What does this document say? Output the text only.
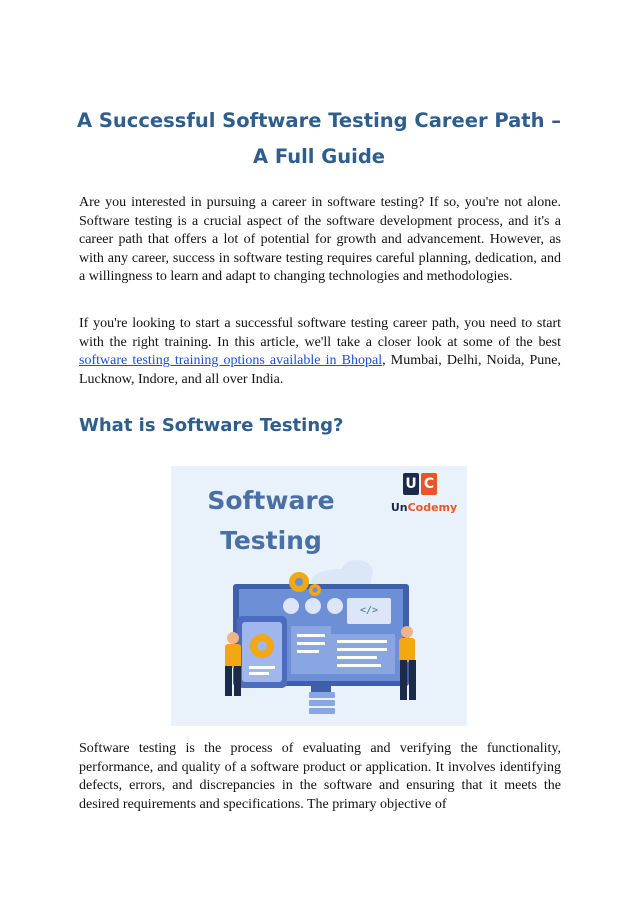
A Successful Software Testing Career Path –
A Full Guide

Are you interested in pursuing a career in software testing? If so, you're not alone. Software testing is a crucial aspect of the software development process, and it's a career path that offers a lot of potential for growth and advancement. However, as with any career, success in software testing requires careful planning, dedication, and a willingness to learn and adapt to changing technologies and methodologies.

If you're looking to start a successful software testing career path, you need to start with the right training. In this article, we'll take a closer look at some of the best software testing training options available in Bhopal, Mumbai, Delhi, Noida, Pune, Lucknow, Indore, and all over India.

What is Software Testing?

Software

Testing

U C
UnCodemy
</>

Software testing is the process of evaluating and verifying the functionality, performance, and quality of a software product or application. It involves identifying defects, errors, and discrepancies in the software and ensuring that it meets the desired requirements and specifications. The primary objective of
